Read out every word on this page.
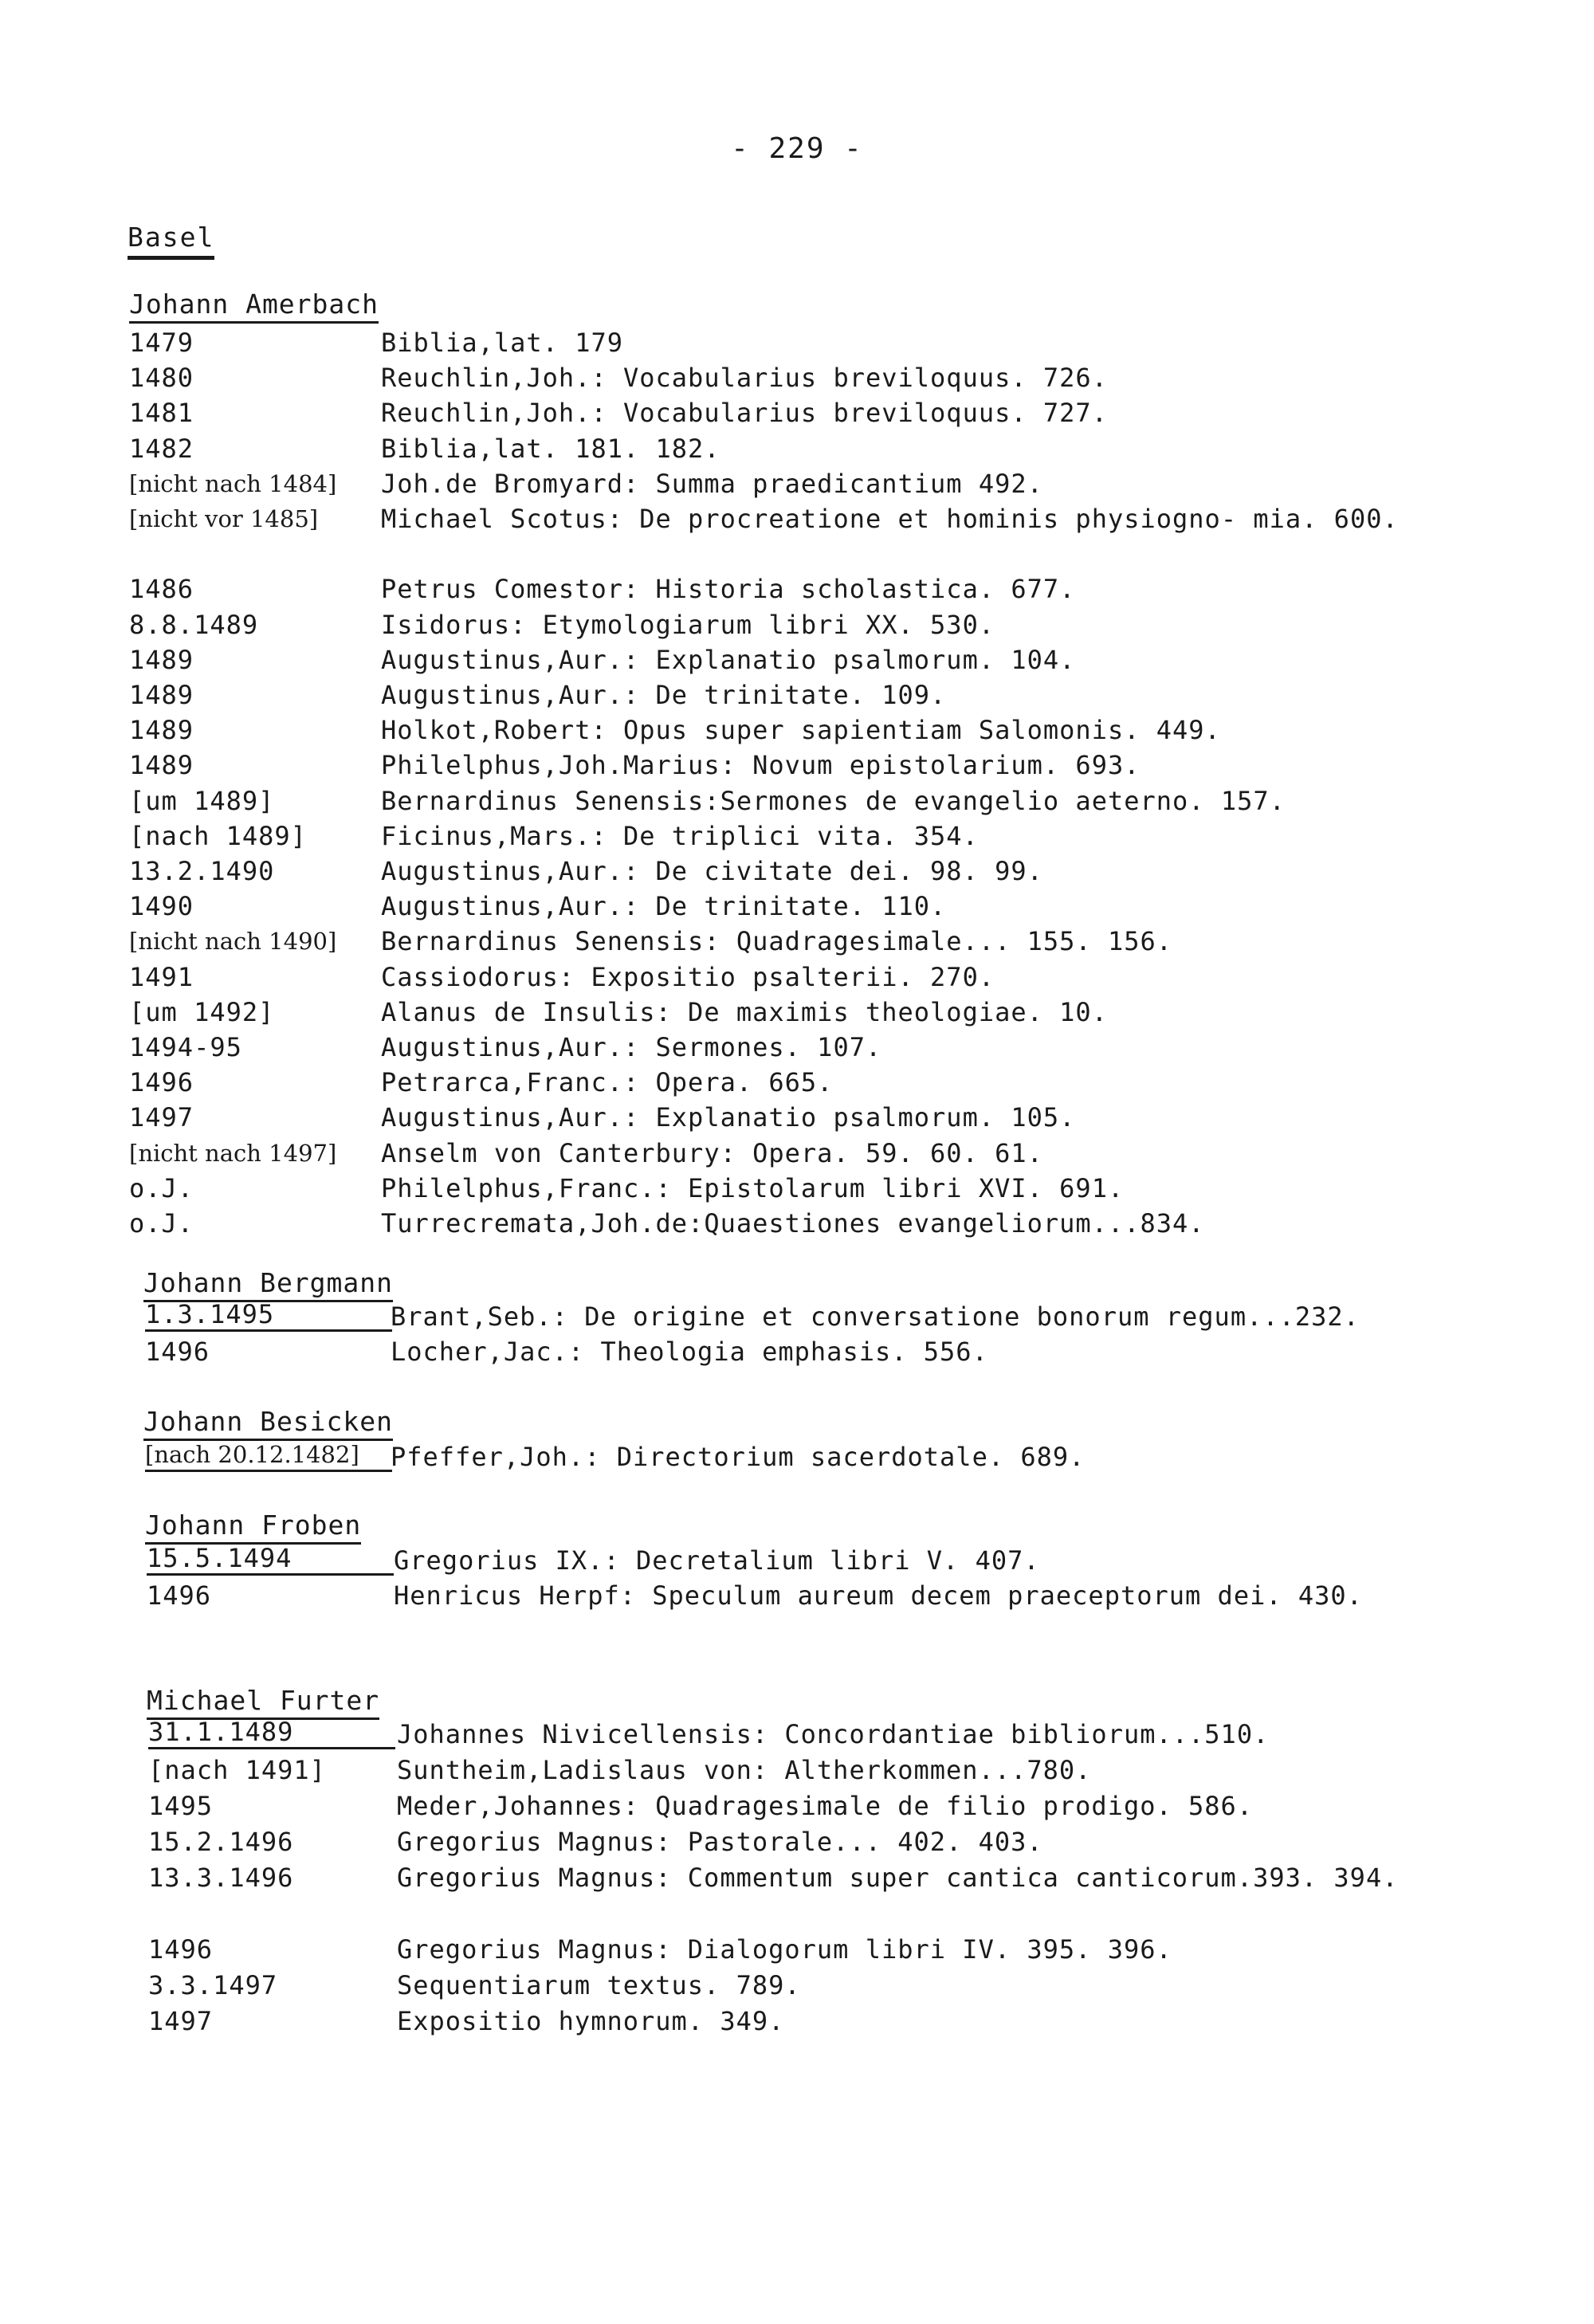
- 229 -
Basel
Johann Amerbach
1479	Biblia,lat. 179
1480	Reuchlin,Joh.: Vocabularius breviloquus. 726.
1481	Reuchlin,Joh.: Vocabularius breviloquus. 727.
1482	Biblia,lat. 181. 182.
[nicht nach 1484]	Joh.de Bromyard: Summa praedicantium 492.
[nicht vor 1485]	Michael Scotus: De procreatione et hominis physiogno- mia. 600.
1486	Petrus Comestor: Historia scholastica. 677.
8.8.1489	Isidorus: Etymologiarum libri XX. 530.
1489	Augustinus,Aur.: Explanatio psalmorum. 104.
1489	Augustinus,Aur.: De trinitate. 109.
1489	Holkot,Robert: Opus super sapientiam Salomonis. 449.
1489	Philelphus,Joh.Marius: Novum epistolarium. 693.
[um 1489]	Bernardinus Senensis:Sermones de evangelio aeterno. 157.
[nach 1489]	Ficinus,Mars.: De triplici vita. 354.
13.2.1490	Augustinus,Aur.: De civitate dei. 98. 99.
1490	Augustinus,Aur.: De trinitate. 110.
[nicht nach 1490]	Bernardinus Senensis: Quadragesimale... 155. 156.
1491	Cassiodorus: Expositio psalterii. 270.
[um 1492]	Alanus de Insulis: De maximis theologiae. 10.
1494-95	Augustinus,Aur.: Sermones. 107.
1496	Petrarca,Franc.: Opera. 665.
1497	Augustinus,Aur.: Explanatio psalmorum. 105.
[nicht nach 1497]	Anselm von Canterbury: Opera. 59. 60. 61.
o.J.	Philelphus,Franc.: Epistolarum libri XVI. 691.
o.J.	Turrecremata,Joh.de:Quaestiones evangeliorum...834.
Johann Bergmann
1.3.1495	Brant,Seb.: De origine et conversatione bonorum regum...232.
1496	Locher,Jac.: Theologia emphasis. 556.
Johann Besicken
[nach 20.12.1482]	Pfeffer,Joh.: Directorium sacerdotale. 689.
Johann Froben
15.5.1494	Gregorius IX.: Decretalium libri V. 407.
1496	Henricus Herpf: Speculum aureum decem praeceptorum dei. 430.
Michael Furter
31.1.1489	Johannes Nivicellensis: Concordantiae bibliorum...510.
[nach 1491]	Suntheim,Ladislaus von: Altherkommen...780.
1495	Meder,Johannes: Quadragesimale de filio prodigo. 586.
15.2.1496	Gregorius Magnus: Pastorale... 402. 403.
13.3.1496	Gregorius Magnus: Commentum super cantica canticorum.393. 394.
1496	Gregorius Magnus: Dialogorum libri IV. 395. 396.
3.3.1497	Sequentiarum textus. 789.
1497	Expositio hymnorum. 349.
